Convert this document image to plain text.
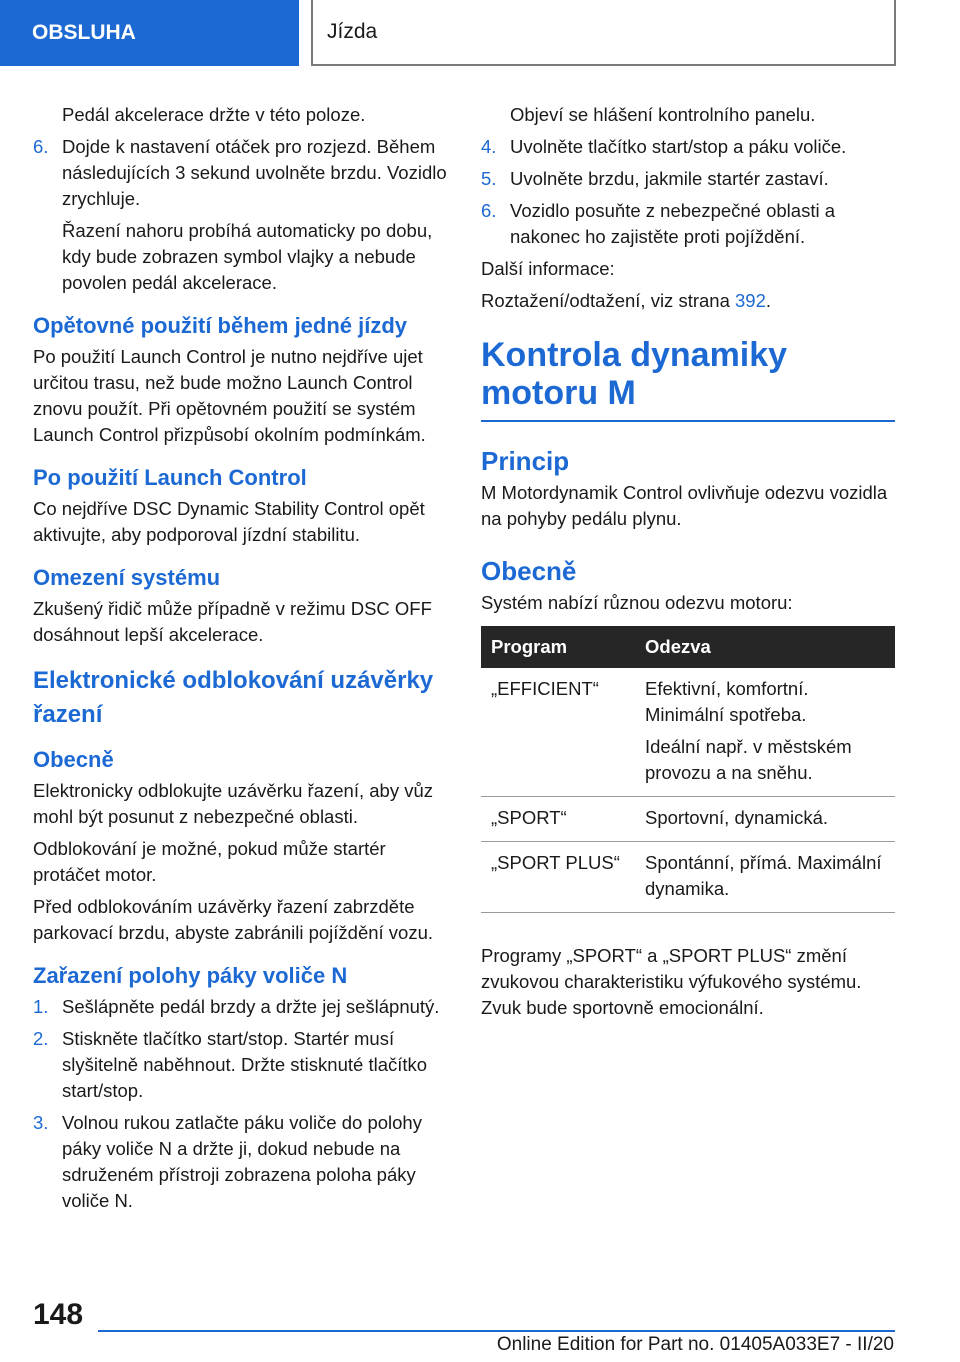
OBSLUHA	Jízda

Pedál akcelerace držte v této poloze.

6. Dojde k nastavení otáček pro rozjezd. Během následujících 3 sekund uvolněte brzdu. Vozidlo zrychluje.

Řazení nahoru probíhá automaticky po dobu, kdy bude zobrazen symbol vlajky a nebude povolen pedál akcelerace.

Opětovné použití během jedné jízdy

Po použití Launch Control je nutno nejdříve ujet určitou trasu, než bude možno Launch Control znovu použít. Při opětovném použití se systém Launch Control přizpůsobí okolním podmínkám.

Po použití Launch Control

Co nejdříve DSC Dynamic Stability Control opět aktivujte, aby podporoval jízdní stabilitu.

Omezení systému

Zkušený řidič může případně v režimu DSC OFF dosáhnout lepší akcelerace.

Elektronické odblokování uzávěrky řazení
Obecně

Elektronicky odblokujte uzávěrku řazení, aby vůz mohl být posunut z nebezpečné oblasti.

Odblokování je možné, pokud může startér protáčet motor.

Před odblokováním uzávěrky řazení zabrzděte parkovací brzdu, abyste zabránili pojíždění vozu.

Zařazení polohy páky voliče N
1. Sešlápněte pedál brzdy a držte jej sešlápnutý.
2. Stiskněte tlačítko start/stop. Startér musí slyšitelně naběhnout. Držte stisknuté tlačítko start/stop.
3. Volnou rukou zatlačte páku voliče do polohy páky voliče N a držte ji, dokud nebude na sdruženém přístroji zobrazena poloha páky voliče N.

Objeví se hlášení kontrolního panelu.

4. Uvolněte tlačítko start/stop a páku voliče.
5. Uvolněte brzdu, jakmile startér zastaví.
6. Vozidlo posuňte z nebezpečné oblasti a nakonec ho zajistěte proti pojíždění.

Další informace:

Roztažení/odtažení, viz strana 392.

Kontrola dynamiky motoru M
Princip

M Motordynamik Control ovlivňuje odezvu vozidla na pohyby pedálu plynu.

Obecně

Systém nabízí různou odezvu motoru:

Program	Odezva
„EFFICIENT“	Efektivní, komfortní. Minimální spotřeba.

Ideální např. v městském provozu a na sněhu.

„SPORT“	Sportovní, dynamická.

„SPORT PLUS“	Spontánní, přímá. Maximální dynamika.

Programy „SPORT“ a „SPORT PLUS“ změní zvukovou charakteristiku výfukového systému. Zvuk bude sportovně emocionální.

148
Online Edition for Part no. 01405A033E7 - II/20
